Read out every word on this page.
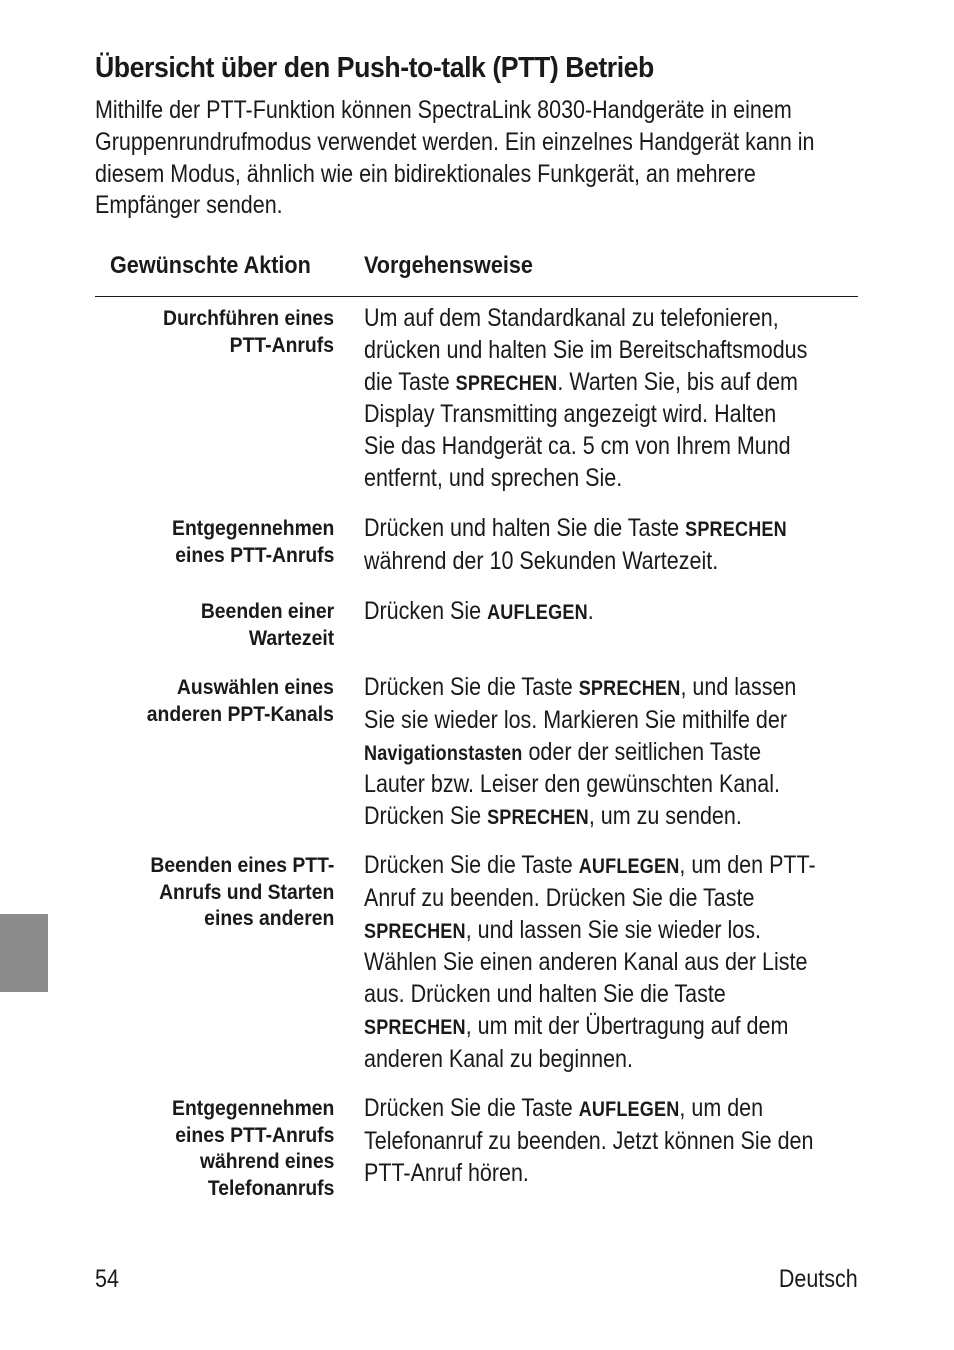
Übersicht über den Push-to-talk (PTT) Betrieb
Mithilfe der PTT-Funktion können SpectraLink 8030-Handgeräte in einem
Gruppenrundrufmodus verwendet werden. Ein einzelnes Handgerät kann in
diesem Modus, ähnlich wie ein bidirektionales Funkgerät, an mehrere
Empfänger senden.
Gewünschte Aktion Vorgehensweise
Durchführen eines
PTT-Anrufs
Um auf dem Standardkanal zu telefonieren,
drücken und halten Sie im Bereitschaftsmodus
die Taste SPRECHEN. Warten Sie, bis auf dem
Display Transmitting angezeigt wird. Halten
Sie das Handgerät ca. 5 cm von Ihrem Mund
entfernt, und sprechen Sie.
Entgegennehmen
eines PTT-Anrufs
Drücken und halten Sie die Taste SPRECHEN
während der 10 Sekunden Wartezeit.
Beenden einer
Wartezeit
Drücken Sie AUFLEGEN.
Auswählen eines
anderen PPT-Kanals
Drücken Sie die Taste SPRECHEN, und lassen
Sie sie wieder los. Markieren Sie mithilfe der
Navigationstasten oder der seitlichen Taste
Lauter bzw. Leiser den gewünschten Kanal.
Drücken Sie SPRECHEN, um zu senden.
Beenden eines PTT-
Anrufs und Starten
eines anderen
Drücken Sie die Taste AUFLEGEN, um den PTT-
Anruf zu beenden. Drücken Sie die Taste
SPRECHEN, und lassen Sie sie wieder los.
Wählen Sie einen anderen Kanal aus der Liste
aus. Drücken und halten Sie die Taste
SPRECHEN, um mit der Übertragung auf dem
anderen Kanal zu beginnen.
Entgegennehmen
eines PTT-Anrufs
während eines
Telefonanrufs
Drücken Sie die Taste AUFLEGEN, um den
Telefonanruf zu beenden. Jetzt können Sie den
PTT-Anruf hören.
54	Deutsch
